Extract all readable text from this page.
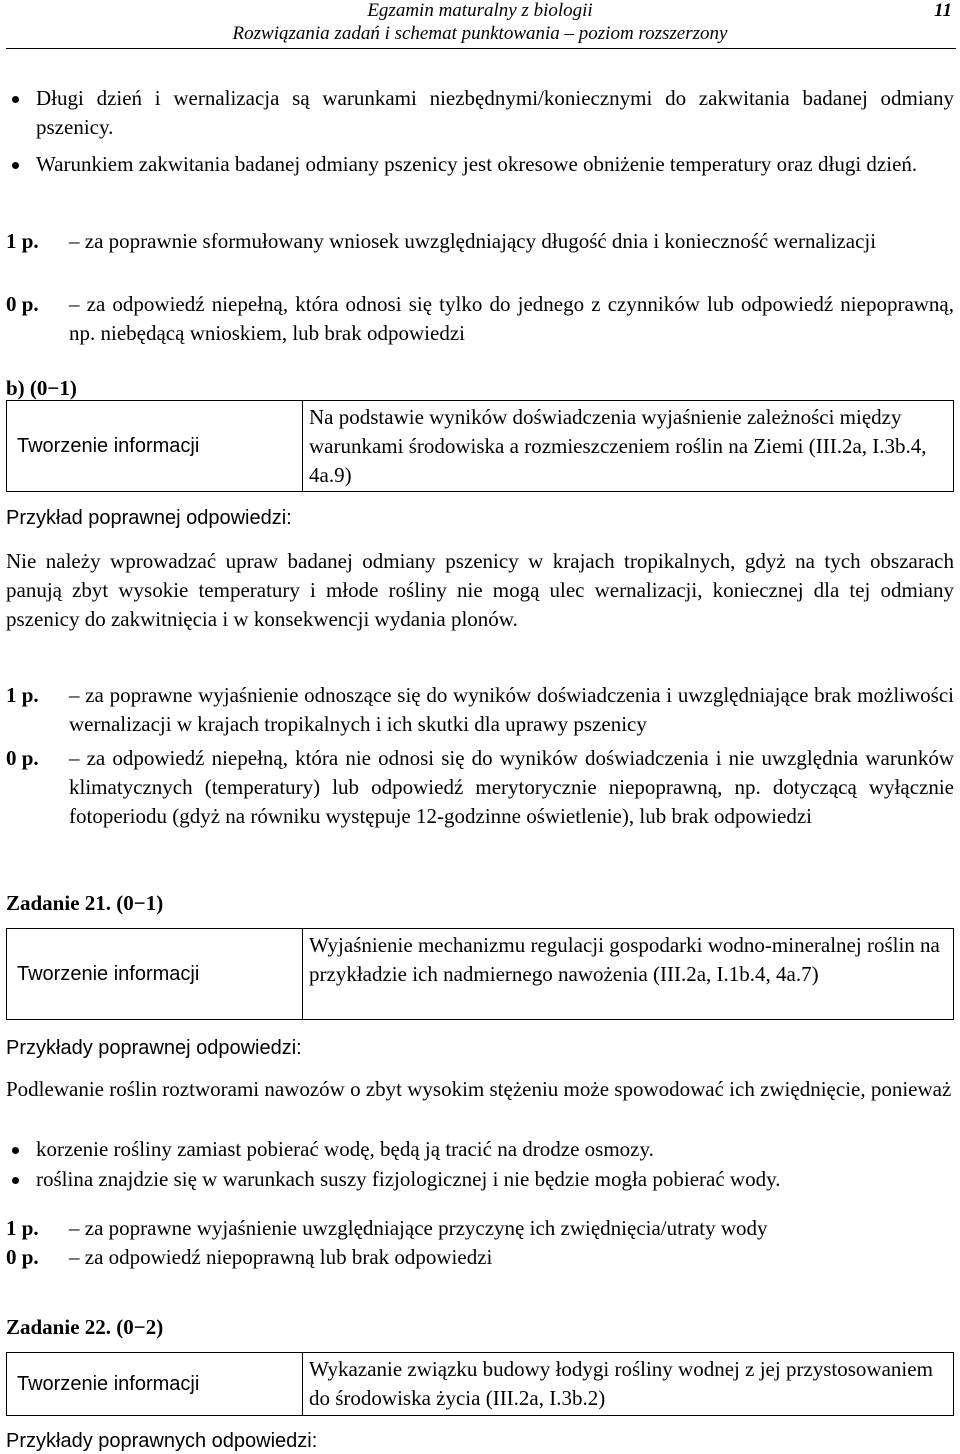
Egzamin maturalny z biologii
Rozwiązania zadań i schemat punktowania – poziom rozszerzony
11
Długi dzień i wernalizacja są warunkami niezbędnymi/koniecznymi do zakwitania badanej odmiany pszenicy.
Warunkiem zakwitania badanej odmiany pszenicy jest okresowe obniżenie temperatury oraz długi dzień.
1 p. – za poprawnie sformułowany wniosek uwzględniający długość dnia i konieczność wernalizacji
0 p. – za odpowiedź niepełną, która odnosi się tylko do jednego z czynników lub odpowiedź niepoprawną, np. niebędącą wnioskiem, lub brak odpowiedzi
b) (0−1)
Tworzenie informacji
Na podstawie wyników doświadczenia wyjaśnienie zależności między warunkami środowiska a rozmieszczeniem roślin na Ziemi (III.2a, I.3b.4, 4a.9)
Przykład poprawnej odpowiedzi:
Nie należy wprowadzać upraw badanej odmiany pszenicy w krajach tropikalnych, gdyż na tych obszarach panują zbyt wysokie temperatury i młode rośliny nie mogą ulec wernalizacji, koniecznej dla tej odmiany pszenicy do zakwitnięcia i w konsekwencji wydania plonów.
1 p. – za poprawne wyjaśnienie odnoszące się do wyników doświadczenia i uwzględniające brak możliwości wernalizacji w krajach tropikalnych i ich skutki dla uprawy pszenicy
0 p. – za odpowiedź niepełną, która nie odnosi się do wyników doświadczenia i nie uwzględnia warunków klimatycznych (temperatury) lub odpowiedź merytorycznie niepoprawną, np. dotyczącą wyłącznie fotoperiodu (gdyż na równiku występuje 12-godzinne oświetlenie), lub brak odpowiedzi
Zadanie 21. (0−1)
Tworzenie informacji
Wyjaśnienie mechanizmu regulacji gospodarki wodno-mineralnej roślin na przykładzie ich nadmiernego nawożenia (III.2a, I.1b.4, 4a.7)
Przykłady poprawnej odpowiedzi:
Podlewanie roślin roztworami nawozów o zbyt wysokim stężeniu może spowodować ich zwiędnięcie, ponieważ
korzenie rośliny zamiast pobierać wodę, będą ją tracić na drodze osmozy.
roślina znajdzie się w warunkach suszy fizjologicznej i nie będzie mogła pobierać wody.
1 p. – za poprawne wyjaśnienie uwzględniające przyczynę ich zwiędnięcia/utraty wody
0 p. – za odpowiedź niepoprawną lub brak odpowiedzi
Zadanie 22. (0−2)
Tworzenie informacji
Wykazanie związku budowy łodygi rośliny wodnej z jej przystosowaniem do środowiska życia (III.2a, I.3b.2)
Przykłady poprawnych odpowiedzi:
